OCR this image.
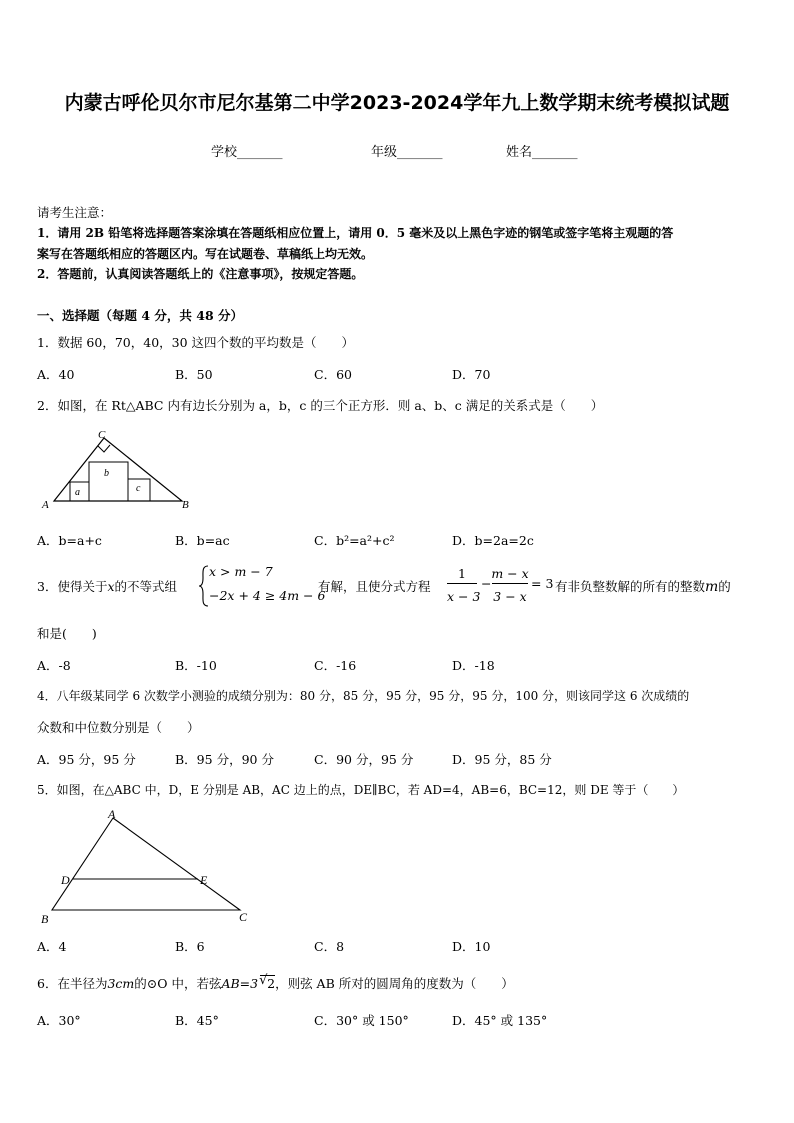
内蒙古呼伦贝尔市尼尔基第二中学2023-2024学年九上数学期末统考模拟试题
学校_______	年级_______	姓名_______
请考生注意：
1．请用 2B 铅笔将选择题答案涂填在答题纸相应位置上，请用 0．5 毫米及以上黑色字迹的钢笔或签字笔将主观题的答
案写在答题纸相应的答题区内。写在试题卷、草稿纸上均无效。
2．答题前，认真阅读答题纸上的《注意事项》，按规定答题。
一、选择题（每题 4 分，共 48 分）
1．数据 60，70，40，30 这四个数的平均数是（　　）
A．40	B．50	C．60	D．70
2．如图，在 Rt△ABC 内有边长分别为 a，b，c 的三个正方形．则 a、b、c 满足的关系式是（　　）
A	B
C
a
b
c
A．b=a+c	B．b=ac	C．b²=a²+c²	D．b=2a=2c
3．使得关于x的不等式组
x > m − 7
−2x + 4 ≥ 4m − 6
有解，且使分式方程
1
x − 3
−
m − x
3 − x
= 3 有非负整数解的所有的整数m的
和是(　　)
A．-8	B．-10	C．-16	D．-18
4．八年级某同学 6 次数学小测验的成绩分别为：80 分，85 分，95 分，95 分，95 分，100 分，则该同学这 6 次成绩的
众数和中位数分别是（　　）
A．95 分，95 分	B．95 分，90 分	C．90 分，95 分	D．95 分，85 分
5．如图，在△ABC 中，D，E 分别是 AB，AC 边上的点，DE∥BC，若 AD=4，AB=6，BC=12，则 DE 等于（　　）
A
B	C
D	E
A．4	B．6	C．8	D．10
6．在半径为3cm的⊙O 中，若弦AB=3 √ 2，则弦 AB 所对的圆周角的度数为（　　）
A．30°	B．45°	C．30° 或 150°	D．45° 或 135°
